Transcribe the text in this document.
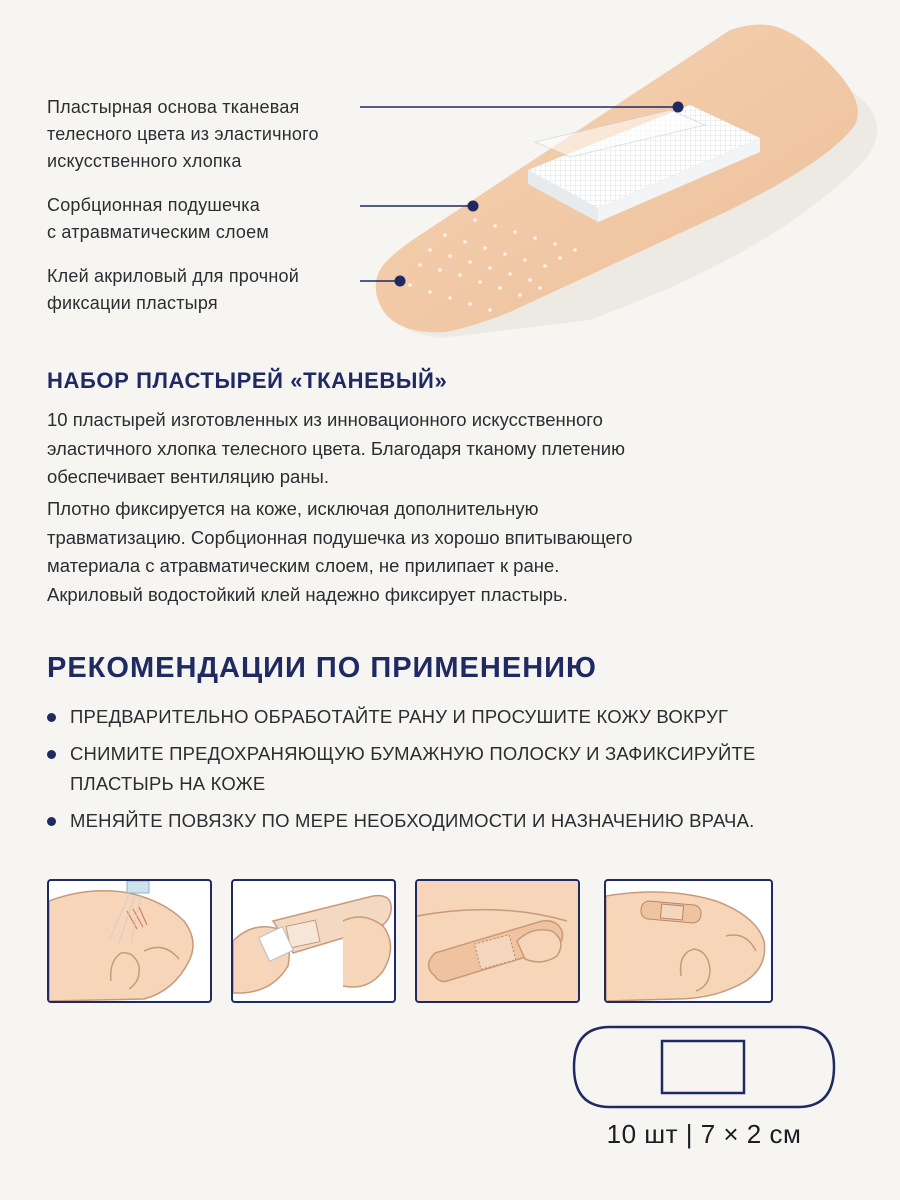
Пластырная основа тканевая
телесного цвета из эластичного
искусственного хлопка
Сорбционная подушечка
с атравматическим слоем
Клей акриловый для прочной
фиксации пластыря
НАБОР ПЛАСТЫРЕЙ «ТКАНЕВЫЙ»
10 пластырей изготовленных из инновационного искусственного
эластичного хлопка телесного цвета. Благодаря тканому плетению
обеспечивает вентиляцию раны.
Плотно фиксируется на коже, исключая дополнительную
травматизацию. Сорбционная подушечка из хорошо впитывающего
материала с атравматическим слоем, не прилипает к ране.
Акриловый водостойкий клей надежно фиксирует пластырь.
РЕКОМЕНДАЦИИ ПО ПРИМЕНЕНИЮ
ПРЕДВАРИТЕЛЬНО ОБРАБОТАЙТЕ РАНУ И ПРОСУШИТЕ КОЖУ ВОКРУГ
СНИМИТЕ ПРЕДОХРАНЯЮЩУЮ БУМАЖНУЮ ПОЛОСКУ И ЗАФИКСИРУЙТЕ
ПЛАСТЫРЬ НА КОЖЕ
МЕНЯЙТЕ ПОВЯЗКУ ПО МЕРЕ НЕОБХОДИМОСТИ И НАЗНАЧЕНИЮ ВРАЧА.
10 шт | 7 × 2 см
